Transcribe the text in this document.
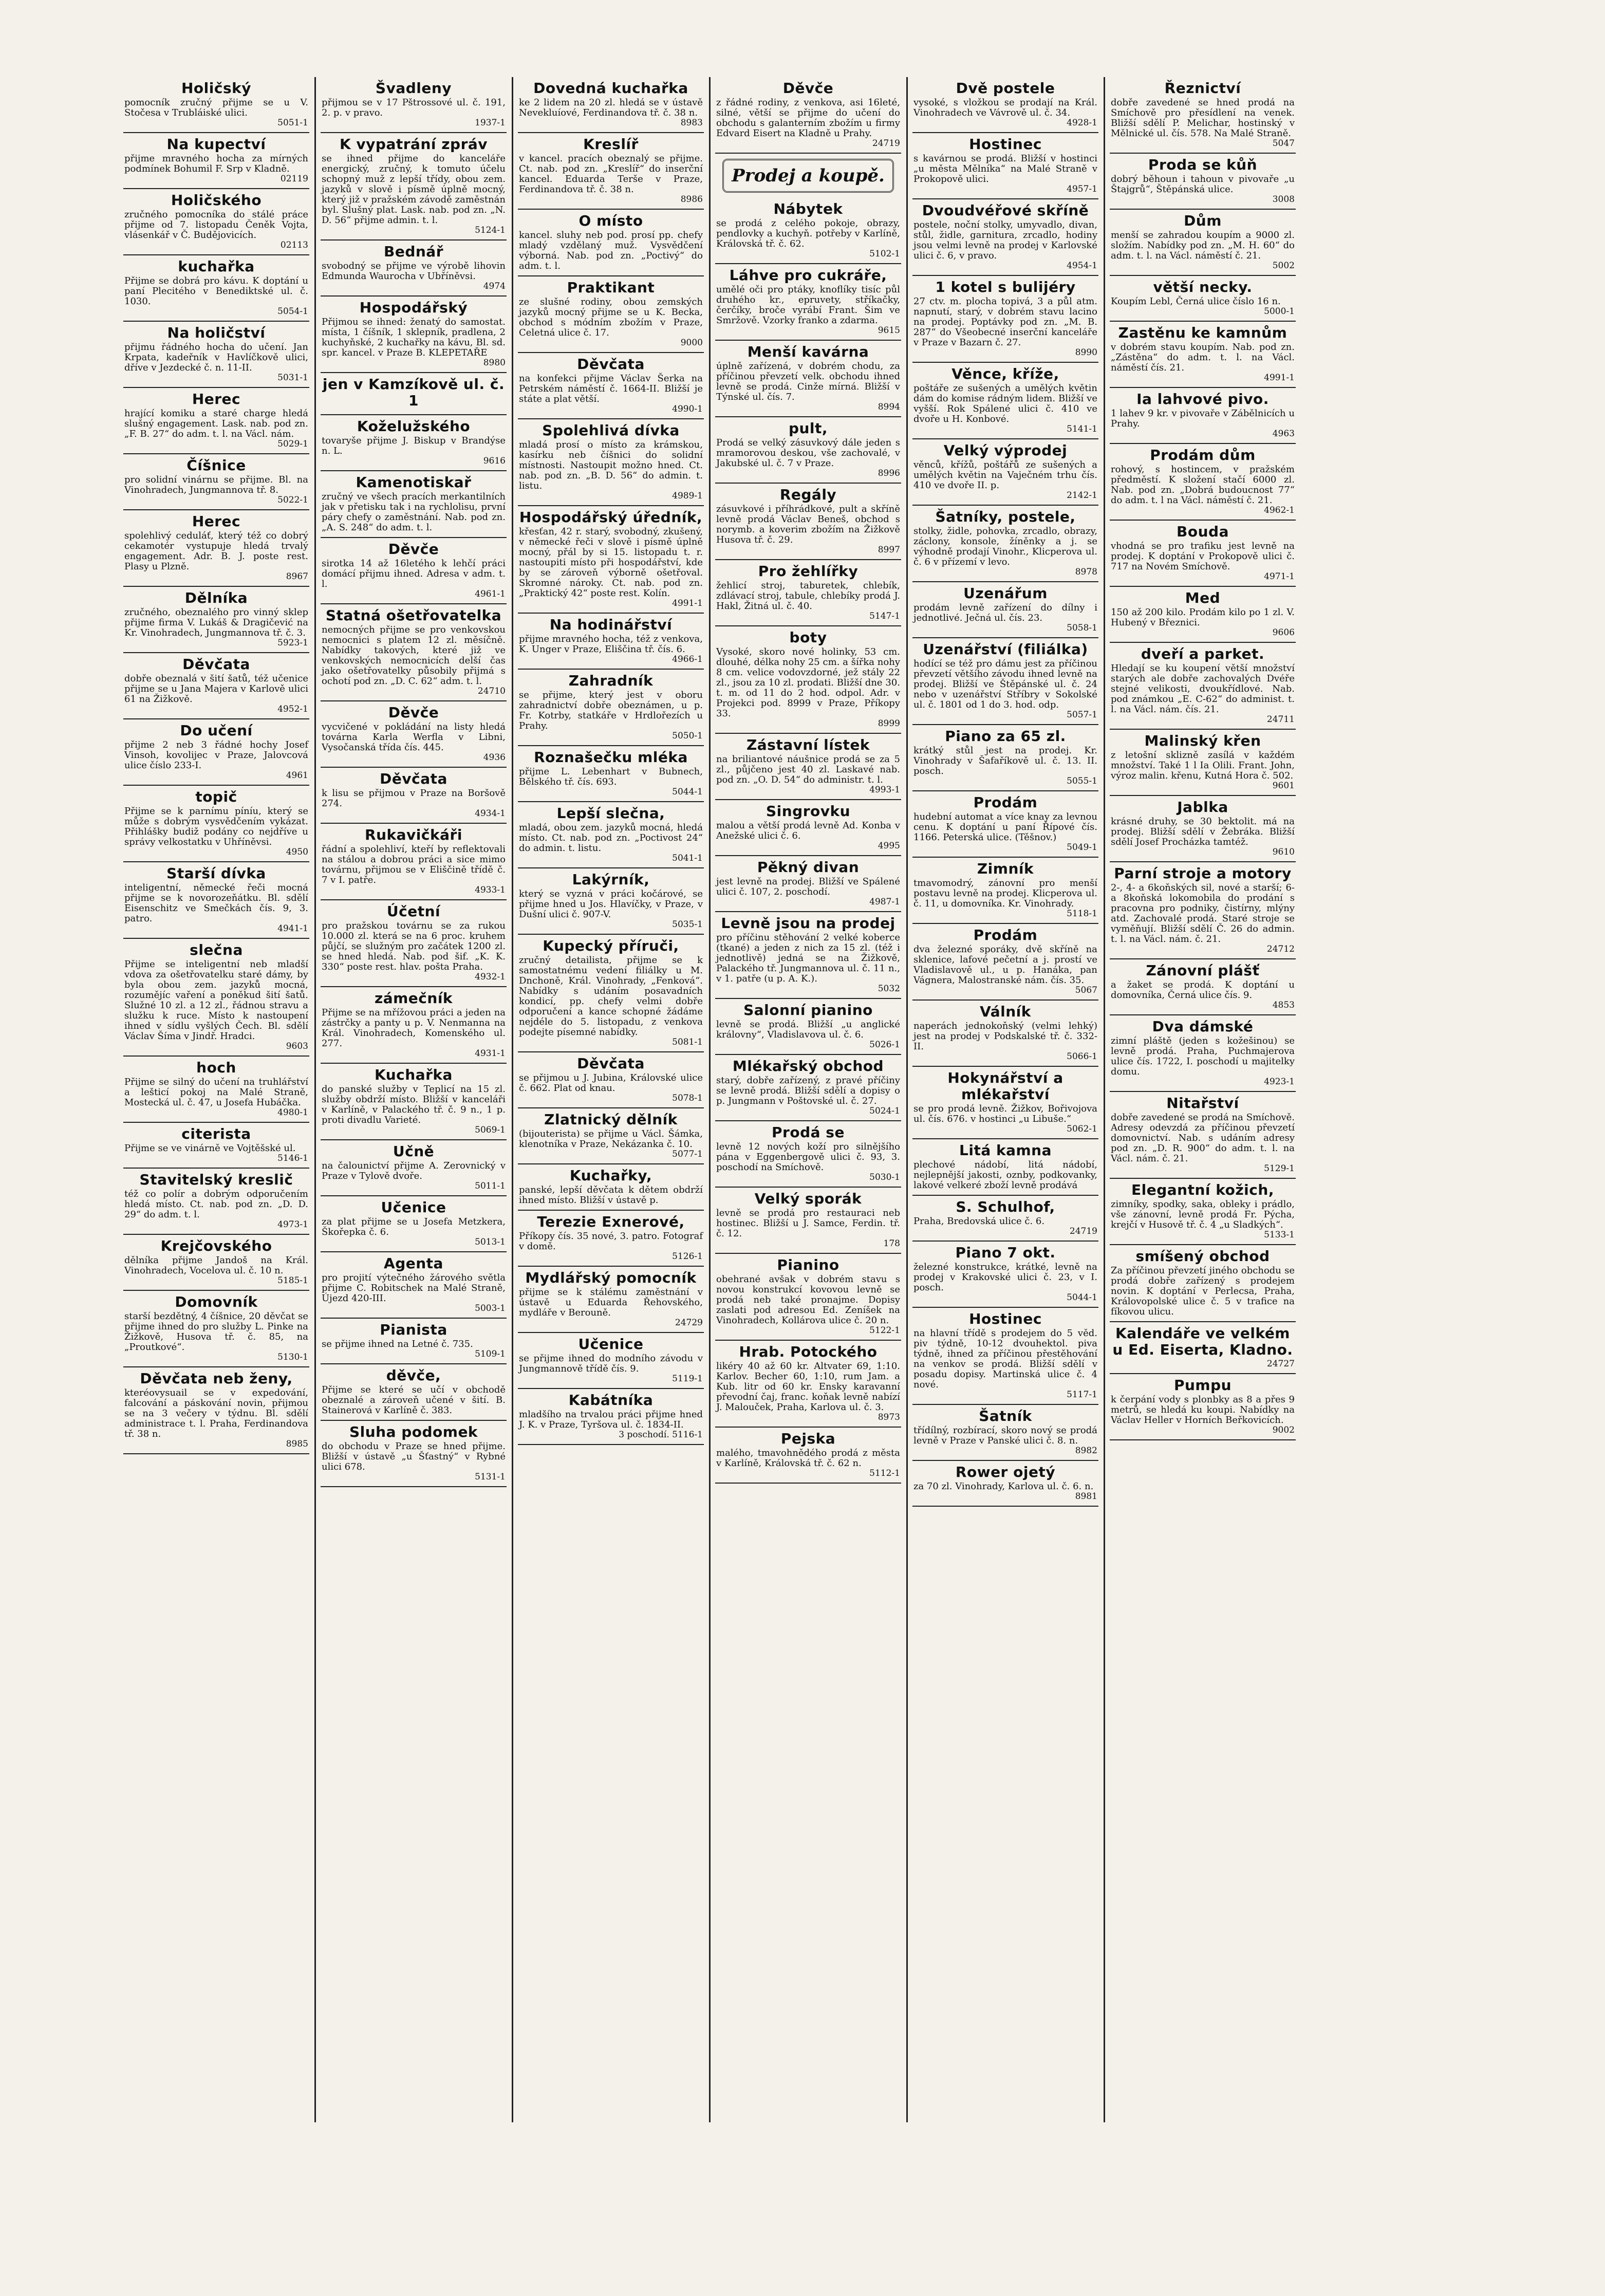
Holičský

pomocník zručný přijme se u V. Stočesa v Trubláiské ulici.

5051-1
Na kupectví

přijme mravného hocha za mírných podmínek Bohumil F. Srp v Kladně.

02119
Holičského

zručného pomocníka do stálé práce přijme od 7. listopadu Čeněk Vojta, vlásenkář v Č. Budějovicích.

02113
kuchařka

Přijme se dobrá pro kávu. K doptání u paní Plecitého v Benediktské ul. č. 1030.

5054-1
Na holičství

přijmu řádného hocha do učení. Jan Krpata, kadeřník v Havlíčkově ulici, dříve v Jezdecké č. n. 11-II.

5031-1
Herec

hrající komiku a staré charge hledá slušný engagement. Lask. nab. pod zn. „F. B. 27“ do adm. t. l. na Václ. nám.

5029-1
Číšnice

pro solidní vinárnu se přijme. Bl. na Vinohradech, Jungmannova tř. 8.

5022-1
Herec

spolehlivý ceduláť, který též co dobrý cekamotér vystupuje hledá trvalý engagement. Adr. B. J. poste rest. Plasy u Plzně.

8967
Dělníka

zručného, obeznalého pro vinný sklep přijme firma V. Lukáš & Dragičević na Kr. Vinohradech, Jungmannova tř. č. 3.

5923-1
Děvčata

dobře obeznalá v šití šatů, též učenice přijme se u Jana Majera v Karlově ulici 61 na Žižkově.

4952-1
Do učení

přijme 2 neb 3 řádné hochy Josef Vinsoh, kovolijec v Praze, Jalovcová ulice číslo 233-I.

4961
topič

Přijme se k parnímu píníu, který se může s dobrým vysvědčením vykázat. Přihlášky budiž podány co nejdříve u správy velkostatku v Uhříněvsi.

4950
Starší dívka

inteligentní, německé řeči mocná přijme se k novorozeňátku. Bl. sdělí Eisenschitz ve Smečkách čís. 9, 3. patro.

4941-1
slečna

Přijme se inteligentní neb mladší vdova za ošetřovatelku staré dámy, by byla obou zem. jazyků mocná, rozumějíc vaření a poněkud šití šatů. Služné 10 zl. a 12 zl., řádnou stravu a služku k ruce. Místo k nastoupení ihned v sídlu vyšlých Čech. Bl. sdělí Václav Šíma v Jindř. Hradci.

9603
hoch

Přijme se silný do učení na truhlářství a lešticí pokoj na Malé Straně, Mostecká ul. č. 47, u Josefa Hubáčka.

4980-1
citerista

Přijme se ve vinárně ve Vojtěšské ul.

5146-1
Stavitelský kreslič

též co polír a dobrým odporučením hledá místo. Ct. nab. pod zn. „D. D. 29“ do adm. t. l.

4973-1
Krejčovského

dělníka přijme Jandoš na Král. Vinohradech, Vocelova ul. č. 10 n.

5185-1
Domovník

starší bezdětný, 4 číšnice, 20 děvčat se přijme ihned do pro služby L. Pinke na Žižkově, Husova tř. č. 85, na „Proutkové“.

5130-1
Děvčata neb ženy,

kteréovysuail se v expedování, falcování a páskování novin, přijmou se na 3 večery v týdnu. Bl. sdělí administrace t. l. Praha, Ferdinandova tř. 38 n.

8985
Švadleny

přijmou se v 17 Pštrossové ul. č. 191, 2. p. v pravo.

1937-1
K vypatrání zpráv

se ihned přijme do kanceláře energický, zručný, k tomuto účelu schopný muž z lepší třídy, obou zem. jazyků v slově i písmě úplně mocný, který již v pražském závodě zaměstnán byl. Slušný plat. Lask. nab. pod zn. „N. D. 56“ přijme admin. t. l.

5124-1
Bednář

svobodný se přijme ve výrobě lihovin Edmunda Waurocha v Ubříněvsi.

4974
Hospodářský

Přijmou se ihned: ženatý do samostat. místa, 1 číšník, 1 sklepník, pradlena, 2 kuchyňské, 2 kuchařky na kávu, Bl. sd. spr. kancel. v Praze B. KLEPETAŘE

8980
jen v Kamzíkově ul. č. 1
Koželužského

tovaryše přijme J. Biskup v Brandýse n. L.

9616
Kamenotiskař

zručný ve všech pracích merkantilních jak v přetisku tak i na rychlolisu, první páry chefy o zaměstnání. Nab. pod zn. „A. S. 248“ do adm. t. l.

Děvče

sirotka 14 až 16letého k lehčí práci domácí přijmu ihned. Adresa v adm. t. l.

4961-1
Statná ošetřovatelka

nemocných přijme se pro venkovskou nemocnici s platem 12 zl. měsíčně. Nabídky takových, které již ve venkovských nemocnicích delší čas jako ošetřovatelky působily přijmá s ochotí pod zn. „D. C. 62“ adm. t. l.

24710
Děvče

vycvičené v pokládání na listy hledá továrna Karla Werfla v Libni, Vysočanská třída čís. 445.

4936
Děvčata

k lisu se přijmou v Praze na Boršově 274.

4934-1
Rukavičkáři

řádní a spolehliví, kteří by reflektovali na stálou a dobrou práci a sice mimo továrnu, přijmou se v Eliščině třídě č. 7 v I. patře.

4933-1
Účetní

pro pražskou továrnu se za rukou 10.000 zl. která se na 6 proc. kruhem půjčí, se služným pro začátek 1200 zl. se hned hledá. Nab. pod šif. „K. K. 330“ poste rest. hlav. pošta Praha.

4932-1
zámečník

Přijme se na mřížovou práci a jeden na zástrčky a panty u p. V. Nenmanna na Král. Vinohradech, Komenského ul. 277.

4931-1
Kuchařka

do panské služby v Teplicí na 15 zl. služby obdrží místo. Bližší v kanceláři v Karlíně, v Palackého tř. č. 9 n., 1 p. proti divadlu Varieté.

5069-1
Učně

na čalounictví přijme A. Zerovnický v Praze v Tylově dvoře.

5011-1
Učenice

za plat přijme se u Josefa Metzkera, Škořepka č. 6.

5013-1
Agenta

pro projití výtečného žárového světla přijme C. Robitschek na Malé Straně, Újezd 420-III.

5003-1
Pianista

se přijme ihned na Letné č. 735.

5109-1
děvče,

Přijme se které se učí v obchodě obeznalé a zároveň učené v šití. B. Stainerová v Karlíně č. 383.

Sluha podomek

do obchodu v Praze se hned přijme. Bližší v ústavě „u Šťastný“ v Rybné ulici 678.

5131-1
Dovedná kuchařka

ke 2 lidem na 20 zl. hledá se v ústavě Nevekluíové, Ferdinandova tř. č. 38 n.

8983
Kreslíř

v kancel. pracích obeznalý se přijme. Ct. nab. pod zn. „Kreslíř“ do inserční kancel. Eduarda Terše v Praze, Ferdinandova tř. č. 38 n.

8986
O místo

kancel. sluhy neb pod. prosí pp. chefy mladý vzdělaný muž. Vysvědčení výborná. Nab. pod zn. „Poctivý“ do adm. t. l.

Praktikant

ze slušné rodiny, obou zemských jazyků mocný přijme se u K. Becka, obchod s módním zbožím v Praze, Celetná ulice č. 17.

9000
Děvčata

na konfekci přijme Václav Šerka na Petrském náměstí č. 1664-II. Bližší je státe a plat větší.

4990-1
Spolehlivá dívka

mladá prosí o místo za krámskou, kasírku neb číšnici do solidní místnosti. Nastoupit možno hned. Ct. nab. pod zn. „B. D. 56“ do admin. t. listu.

4989-1
Hospodářský úředník,

křesťan, 42 r. starý, svobodný, zkušený, v německé řeči v slově i písmě úplně mocný, přál by si 15. listopadu t. r. nastoupiti místo při hospodářství, kde by se zároveň výborně ošetřoval. Skromné nároky. Ct. nab. pod zn. „Praktický 42“ poste rest. Kolín.

4991-1
Na hodinářství

přijme mravného hocha, též z venkova, K. Unger v Praze, Eliščina tř. čís. 6.

4966-1
Zahradník

se přijme, který jest v oboru zahradnictví dobře obeznámen, u p. Fr. Kotrby, statkáře v Hrdlořezích u Prahy.

5050-1
Roznašečku mléka

přijme L. Lebenhart v Bubnech, Bělského tř. čís. 693.

5044-1
Lepší slečna,

mladá, obou zem. jazyků mocná, hledá místo. Ct. nab. pod zn. „Poctivost 24“ do admin. t. listu.

5041-1
Lakýrník,

který se vyzná v práci kočárové, se přijme hned u Jos. Hlavíčky, v Praze, v Dušní ulici č. 907-V.

5035-1
Kupecký příruči,

zručný detailista, přijme se k samostatnému vedení filiálky u M. Dnchoně, Král. Vinohrady, „Fenková“. Nabídky s udáním posavadních kondicí, pp. chefy velmi dobře odporučení a kance schopné žádáme nejdéle do 5. listopadu, z venkova podejte písemné nabídky.

5081-1
Děvčata

se přijmou u J. Jubina, Královské ulice č. 662. Plat od knau.

5078-1
Zlatnický dělník

(bijouterista) se přijme u Václ. Šámka, klenotníka v Praze, Nekázanka č. 10.

5077-1
Kuchařky,

panské, lepší děvčata k dětem obdrží ihned místo. Bližší v ústavě p.

Terezie Exnerové,

Příkopy čís. 35 nové, 3. patro. Fotograf v domě.

5126-1
Mydlářský pomocník

přijme se k stálému zaměstnání v ústavě u Eduarda Řehovského, mydláře v Berouně.

24729
Učenice

se přijme ihned do modního závodu v Jungmannově třídě čís. 9.

5119-1
Kabátníka

mladšího na trvalou práci přijme hned J. K. v Praze, Tyršova ul. č. 1834-II.

3 poschodí. 5116-1
Děvče

z řádné rodiny, z venkova, asi 16leté, silné, větší se přijme do učení do obchodu s galanterním zbožím u firmy Edvard Eisert na Kladně u Prahy.

24719
Prodej a koupě.
Nábytek

se prodá z celého pokoje, obrazy, pendlovky a kuchyň. potřeby v Karlíně, Královská tř. č. 62.

5102-1
Láhve pro cukráře,

umělé oči pro ptáky, knoflíky tisíc půl druhého kr., epruvety, stříkačky, čerčíky, broče vyrábí Frant. Šim ve Smržově. Vzorky franko a zdarma.

9615
Menší kavárna

úplně zařízená, v dobrém chodu, za příčinou převzetí velk. obchodu ihned levně se prodá. Cinže mírná. Bližší v Týnské ul. čís. 7.

8994
pult,

Prodá se velký zásuvkový dále jeden s mramorovou deskou, vše zachovalé, v Jakubské ul. č. 7 v Praze.

8996
Regály

zásuvkové i příhrádkové, pult a skříně levně prodá Václav Beneš, obchod s norymb. a koverim zbožím na Žižkově Husova tř. č. 29.

8997
Pro žehlířky

žehlicí stroj, taburetek, chlebík, zdlávací stroj, tabule, chlebíky prodá J. Hakl, Žitná ul. č. 40.

5147-1
boty

Vysoké, skoro nové holinky, 53 cm. dlouhé, délka nohy 25 cm. a šířka nohy 8 cm. velice vodovzdorné, jež stály 22 zl., jsou za 10 zl. prodati. Bližší dne 30. t. m. od 11 do 2 hod. odpol. Adr. v Projekci pod. 8999 v Praze, Příkopy 33.

8999
Zástavní lístek

na briliantové náušnice prodá se za 5 zl., půjčeno jest 40 zl. Laskavé nab. pod zn. „O. D. 54“ do administr. t. l.

4993-1
Singrovku

malou a větší prodá levně Ad. Konba v Anežské ulici č. 6.

4995
Pěkný divan

jest levně na prodej. Bližší ve Spálené ulici č. 107, 2. poschodí.

4987-1
Levně jsou na prodej

pro příčinu stěhování 2 velké koberce (tkané) a jeden z nich za 15 zl. (též i jednotlivě) jedná se na Žižkově, Palackého tř. Jungmannova ul. č. 11 n., v 1. patře (u p. A. K.).

5032
Salonní pianino

levně se prodá. Bližší „u anglické královny“, Vladislavova ul. č. 6.

5026-1
Mlékařský obchod

starý, dobře zařízený, z pravé příčiny se levně prodá. Bližší sdělí a dopisy o p. Jungmann v Poštovské ul. č. 27.

5024-1
Prodá se

levně 12 nových koží pro silnějšího pána v Eggenbergově ulici č. 93, 3. poschodí na Smíchově.

5030-1
Velký sporák

levně se prodá pro restauraci neb hostinec. Bližší u J. Samce, Ferdin. tř. č. 12.

178
Pianino

obehrané avšak v dobrém stavu s novou konstrukcí kovovou levně se prodá neb také pronajme. Dopisy zaslati pod adresou Ed. Zeníšek na Vinohradech, Kollárova ulice č. 20 n.

5122-1
Hrab. Potockého

likéry 40 až 60 kr. Altvater 69, 1:10. Karlov. Becher 60, 1:10, rum Jam. a Kub. litr od 60 kr. Ensky karavanní převodní čaj, franc. koňak levně nabízí J. Malouček, Praha, Karlova ul. č. 3.

8973
Pejska

malého, tmavohnědého prodá z města v Karlíně, Královská tř. č. 62 n.

5112-1
Dvě postele

vysoké, s vložkou se prodají na Král. Vinohradech ve Vávrově ul. č. 34.

4928-1
Hostinec

s kavárnou se prodá. Bližší v hostinci „u města Mělníka“ na Malé Straně v Prokopově ulici.

4957-1
Dvoudvéřové skříně

postele, noční stolky, umyvadlo, divan, stůl, židle, garnitura, zrcadlo, hodiny jsou velmi levně na prodej v Karlovské ulici č. 6, v pravo.

4954-1
1 kotel s bulijéry

27 ctv. m. plocha topivá, 3 a půl atm. napnutí, starý, v dobrém stavu lacino na prodej. Poptávky pod zn. „M. B. 287“ do Všeobecné inserční kanceláře v Praze v Bazarn č. 27.

8990
Věnce, kříže,

poštáře ze sušených a umělých květin dám do komise rádným lidem. Bližší ve vyšší. Rok Spálené ulici č. 410 ve dvoře u H. Konbové.

5141-1
Velký výprodej

věnců, křížů, poštářů ze sušených a umělých květin na Vaječném trhu čís. 410 ve dvoře II. p.

2142-1
Šatníky, postele,

stolky, židle, pohovka, zrcadlo, obrazy, záclony, konsole, žíněnky a j. se výhodně prodají Vinohr., Klicperova ul. č. 6 v přízemí v levo.

8978
Uzenářum

prodám levně zařízení do dílny i jednotlivé. Ječná ul. čís. 23.

5058-1
Uzenářství (filiálka)

hodící se též pro dámu jest za příčinou převzetí většího závodu ihned levně na prodej. Bližší ve Štěpánské ul. č. 24 nebo v uzenářství Stříbry v Sokolské ul. č. 1801 od 1 do 3. hod. odp.

5057-1
Piano za 65 zl.

krátký stůl jest na prodej. Kr. Vinohrady v Šafaříkově ul. č. 13. II. posch.

5055-1
Prodám

hudební automat a více knay za levnou cenu. K doptání u paní Řípové čís. 1166. Peterská ulice. (Těšnov.)

5049-1
Zimník

tmavomodrý, zánovní pro menší postavu levně na prodej. Klicperova ul. č. 11, u domovníka. Kr. Vinohrady.

5118-1
Prodám

dva železné sporáky, dvě skříně na sklenice, lafové pečetní a j. prostí ve Vladislavově ul., u p. Hanáka, pan Vágnera, Malostranské nám. čís. 35.

5067
Válník

naperách jednokoňský (velmi lehký) jest na prodej v Podskalské tř. č. 332-II.

5066-1
Hokynářství a mlékařství

se pro prodá levně. Žižkov, Bořivojova ul. čís. 676. v hostinci „u Libuše.“

5062-1
Litá kamna

plechové nádobí, litá nádobí, nejlepnější jakosti, oznby, podkovanky, lakové velkeré zboží levně prodává

S. Schulhof,

Praha, Bredovská ulice č. 6.

24719
Piano 7 okt.

železné konstrukce, krátké, levně na prodej v Krakovské ulici č. 23, v I. posch.

5044-1
Hostinec

na hlavní třídě s prodejem do 5 věd. piv týdně, 10-12 dvouhektol. piva týdně, ihned za příčinou přestěhování na venkov se prodá. Bližší sdělí v posadu dopisy. Martinská ulice č. 4 nové.

5117-1
Šatník

třídílný, rozbírací, skoro nový se prodá levně v Praze v Panské ulici č. 8. n.

8982
Rower ojetý

za 70 zl. Vinohrady, Karlova ul. č. 6. n.

8981
Řeznictví

dobře zavedené se hned prodá na Smíchově pro přesídlení na venek. Bližší sdělí P. Melichar, hostinský v Mělnické ul. čís. 578. Na Malé Straně.

5047
Proda se kůň

dobrý běhoun i tahoun v pivovaře „u Štajgrů“, Štěpánská ulice.

3008
Dům

menší se zahradou koupím a 9000 zl. složím. Nabídky pod zn. „M. H. 60“ do adm. t. l. na Václ. náměstí č. 21.

5002
větší necky.

Koupím Lebl, Černá ulice číslo 16 n.

5000-1
Zastěnu ke kamnům

v dobrém stavu koupím. Nab. pod zn. „Zástěna“ do adm. t. l. na Václ. náměstí čís. 21.

4991-1
Ia lahvové pivo.

1 lahev 9 kr. v pivovaře v Zábělnicích u Prahy.

4963
Prodám dům

rohový, s hostincem, v pražském předměstí. K složení stačí 6000 zl. Nab. pod zn. „Dobrá budoucnost 77“ do adm. t. l na Václ. náměstí č. 21.

4962-1
Bouda

vhodná se pro trafiku jest levně na prodej. K doptání v Prokopově ulici č. 717 na Novém Smíchově.

4971-1
Med

150 až 200 kilo. Prodám kilo po 1 zl. V. Hubený v Březnici.

9606
dveří a parket.

Hledají se ku koupení větší množství starých ale dobře zachovalých Dvéře stejné velikosti, dvoukřídlové. Nab. pod známkou „E. C-62“ do administ. t. l. na Václ. nám. čís. 21.

24711
Malinský křen

z letošní sklizně zasílá v každém množství. Také 1 l Ia Olili. Frant. John, výroz malin. křenu, Kutná Hora č. 502.

9601
Jablka

krásné druhy, se 30 bektolit. má na prodej. Bližší sdělí v Žebráka. Bližší sdělí Josef Procházka tamtéž.

9610
Parní stroje a motory

2-, 4- a 6koňských sil, nové a starší; 6- a 8koňská lokomobila do prodání s pracovna pro podniky, čistírny, mlýny atd. Zachovalé prodá. Staré stroje se vyměňují. Bližší sdělí Č. 26 do admin. t. l. na Václ. nám. č. 21.

24712
Zánovní plášť

a žaket se prodá. K doptání u domovníka, Černá ulice čís. 9.

4853
Dva dámské

zimní pláště (jeden s kožešinou) se levně prodá. Praha, Puchmajerova ulice čís. 1722, I. poschodí u majitelky domu.

4923-1
Nitařství

dobře zavedené se prodá na Smíchově. Adresy odevzdá za příčinou převzetí domovnictví. Nab. s udáním adresy pod zn. „D. R. 900“ do adm. t. l. na Václ. nám. č. 21.

5129-1
Elegantní kožich,

zimníky, spodky, saka, obleky i prádlo, vše zánovní, levně prodá Fr. Pýcha, krejčí v Husově tř. č. 4 „u Sladkých“.

5133-1
smíšený obchod

Za příčinou převzetí jiného obchodu se prodá dobře zařízený s prodejem novin. K doptání v Perlecsa, Praha, Královopolské ulice č. 5 v trafice na fíkovou ulicu.

Kalendáře ve velkém u Ed. Eiserta, Kladno.
24727
Pumpu

k čerpání vody s plonbky as 8 a přes 9 metrů, se hledá ku koupi. Nabídky na Václav Heller v Horních Beřkovicích.

9002
